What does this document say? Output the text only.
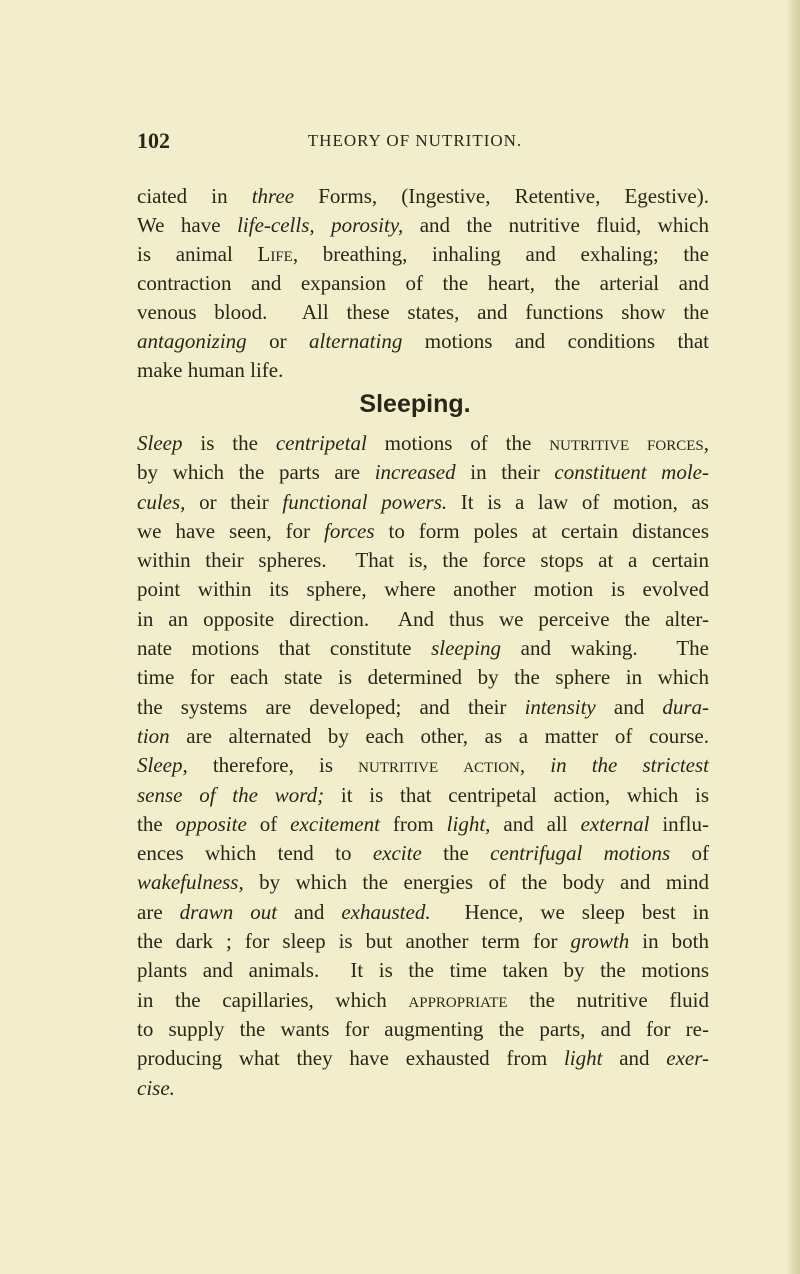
102	THEORY OF NUTRITION.
ciated in three Forms, (Ingestive, Retentive, Egestive).
We have life-cells, porosity, and the nutritive fluid, which
is animal Life, breathing, inhaling and exhaling; the
contraction and expansion of the heart, the arterial and
venous blood.  All these states, and functions show the
antagonizing or alternating motions and conditions that
make human life.
Sleeping.
Sleep is the centripetal motions of the nutritive forces,
by which the parts are increased in their constituent mole-
cules, or their functional powers. It is a law of motion, as
we have seen, for forces to form poles at certain distances
within their spheres.  That is, the force stops at a certain
point within its sphere, where another motion is evolved
in an opposite direction.  And thus we perceive the alter-
nate motions that constitute sleeping and waking.  The
time for each state is determined by the sphere in which
the systems are developed; and their intensity and dura-
tion are alternated by each other, as a matter of course.
Sleep, therefore, is nutritive action, in the strictest
sense of the word; it is that centripetal action, which is
the opposite of excitement from light, and all external influ-
ences which tend to excite the centrifugal motions of
wakefulness, by which the energies of the body and mind
are drawn out and exhausted.  Hence, we sleep best in
the dark ; for sleep is but another term for growth in both
plants and animals.  It is the time taken by the motions
in the capillaries, which appropriate the nutritive fluid
to supply the wants for augmenting the parts, and for re-
producing what they have exhausted from light and exer-
cise.
